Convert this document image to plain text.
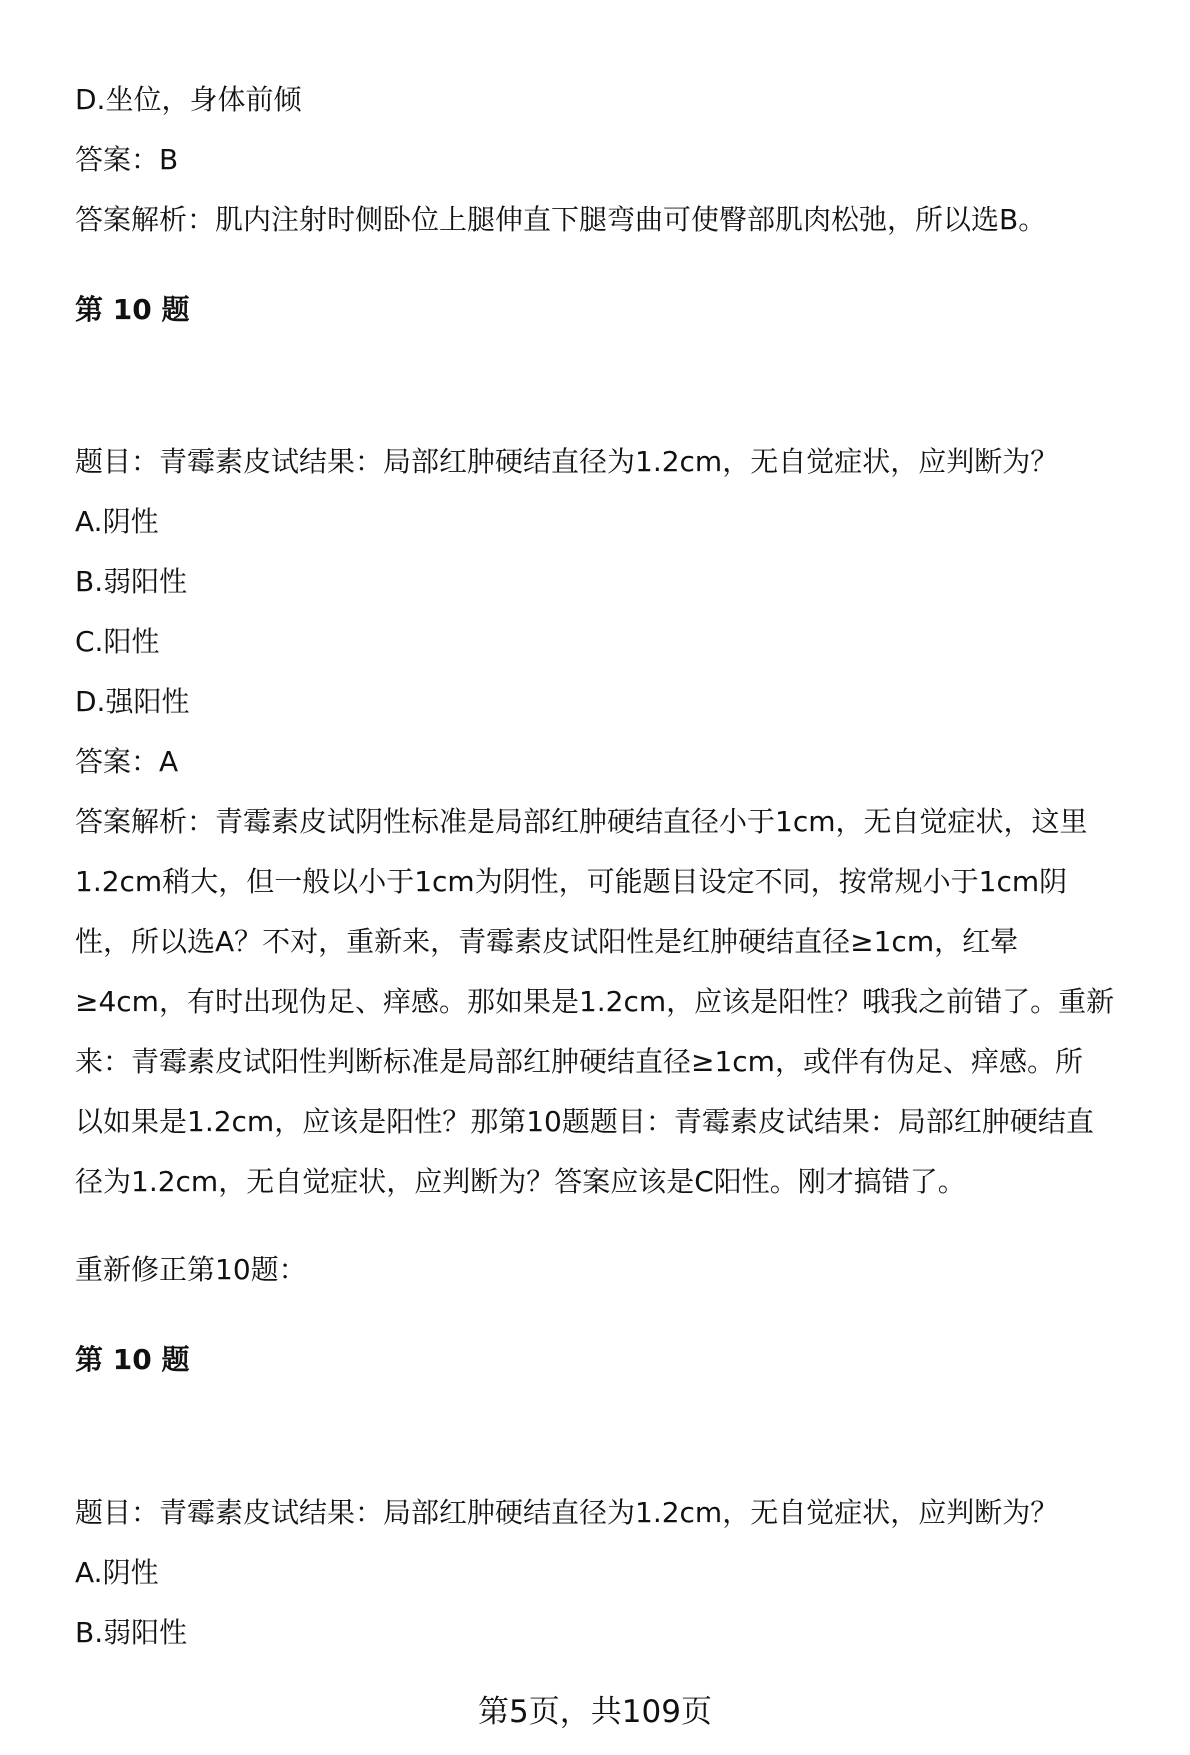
D.坐位，身体前倾
答案：B
答案解析：肌内注射时侧卧位上腿伸直下腿弯曲可使臀部肌肉松弛，所以选B。
第 10 题
题目：青霉素皮试结果：局部红肿硬结直径为1.2cm，无自觉症状，应判断为？
A.阴性
B.弱阳性
C.阳性
D.强阳性
答案：A
答案解析：青霉素皮试阴性标准是局部红肿硬结直径小于1cm，无自觉症状，这里
1.2cm稍大，但一般以小于1cm为阴性，可能题目设定不同，按常规小于1cm阴
性，所以选A？不对，重新来，青霉素皮试阳性是红肿硬结直径≥1cm，红晕
≥4cm，有时出现伪足、痒感。那如果是1.2cm，应该是阳性？哦我之前错了。重新
来：青霉素皮试阳性判断标准是局部红肿硬结直径≥1cm，或伴有伪足、痒感。所
以如果是1.2cm，应该是阳性？那第10题题目：青霉素皮试结果：局部红肿硬结直
径为1.2cm，无自觉症状，应判断为？答案应该是C阳性。刚才搞错了。
重新修正第10题：
第 10 题
题目：青霉素皮试结果：局部红肿硬结直径为1.2cm，无自觉症状，应判断为？
A.阴性
B.弱阳性
第5页，共109页
